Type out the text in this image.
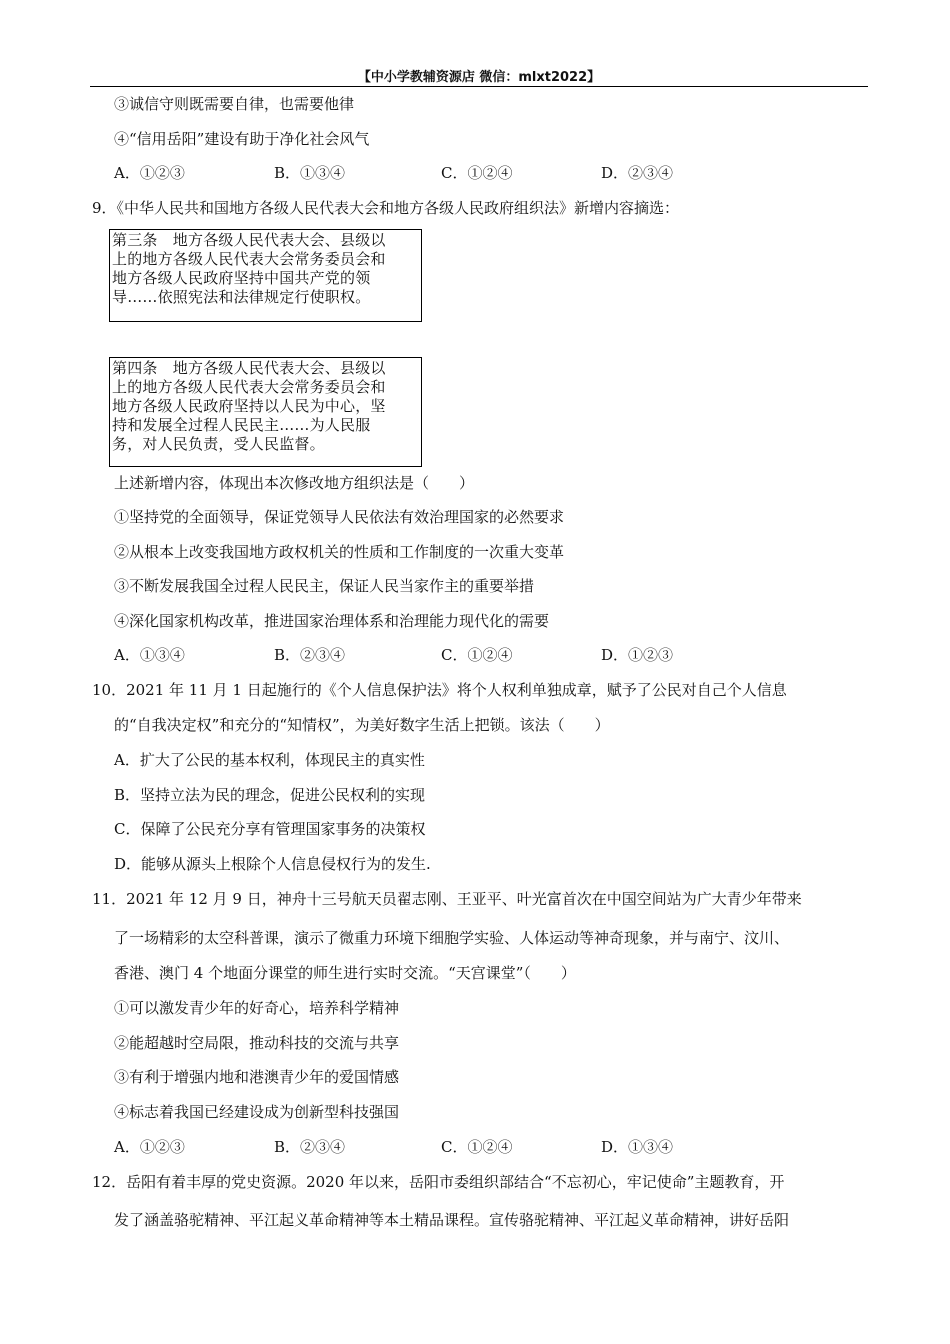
【中小学教辅资源店 微信：mlxt2022】
③诚信守则既需要自律，也需要他律
④“信用岳阳”建设有助于净化社会风气
A．①②③	B．①③④	C．①②④	D．②③④
9．《中华人民共和国地方各级人民代表大会和地方各级人民政府组织法》新增内容摘选：
第三条　地方各级人民代表大会、县级以
上的地方各级人民代表大会常务委员会和
地方各级人民政府坚持中国共产党的领
导……依照宪法和法律规定行使职权。
第四条　地方各级人民代表大会、县级以
上的地方各级人民代表大会常务委员会和
地方各级人民政府坚持以人民为中心，坚
持和发展全过程人民民主……为人民服
务，对人民负责，受人民监督。
上述新增内容，体现出本次修改地方组织法是（　　）
①坚持党的全面领导，保证党领导人民依法有效治理国家的必然要求
②从根本上改变我国地方政权机关的性质和工作制度的一次重大变革
③不断发展我国全过程人民民主，保证人民当家作主的重要举措
④深化国家机构改革，推进国家治理体系和治理能力现代化的需要
A．①③④	B．②③④	C．①②④	D．①②③
10．2021 年 11 月 1 日起施行的《个人信息保护法》将个人权利单独成章，赋予了公民对自己个人信息
的“自我决定权”和充分的“知情权”，为美好数字生活上把锁。该法（　　）
A．扩大了公民的基本权利，体现民主的真实性
B．坚持立法为民的理念，促进公民权利的实现
C．保障了公民充分享有管理国家事务的决策权
D．能够从源头上根除个人信息侵权行为的发生.
11．2021 年 12 月 9 日，神舟十三号航天员翟志刚、王亚平、叶光富首次在中国空间站为广大青少年带来
了一场精彩的太空科普课，演示了微重力环境下细胞学实验、人体运动等神奇现象，并与南宁、汶川、
香港、澳门 4 个地面分课堂的师生进行实时交流。“天宫课堂”（　　）
①可以激发青少年的好奇心，培养科学精神
②能超越时空局限，推动科技的交流与共享
③有利于增强内地和港澳青少年的爱国情感
④标志着我国已经建设成为创新型科技强国
A．①②③	B．②③④	C．①②④	D．①③④
12．岳阳有着丰厚的党史资源。2020 年以来，岳阳市委组织部结合“不忘初心，牢记使命”主题教育，开
发了涵盖骆驼精神、平江起义革命精神等本土精品课程。宣传骆驼精神、平江起义革命精神，讲好岳阳
